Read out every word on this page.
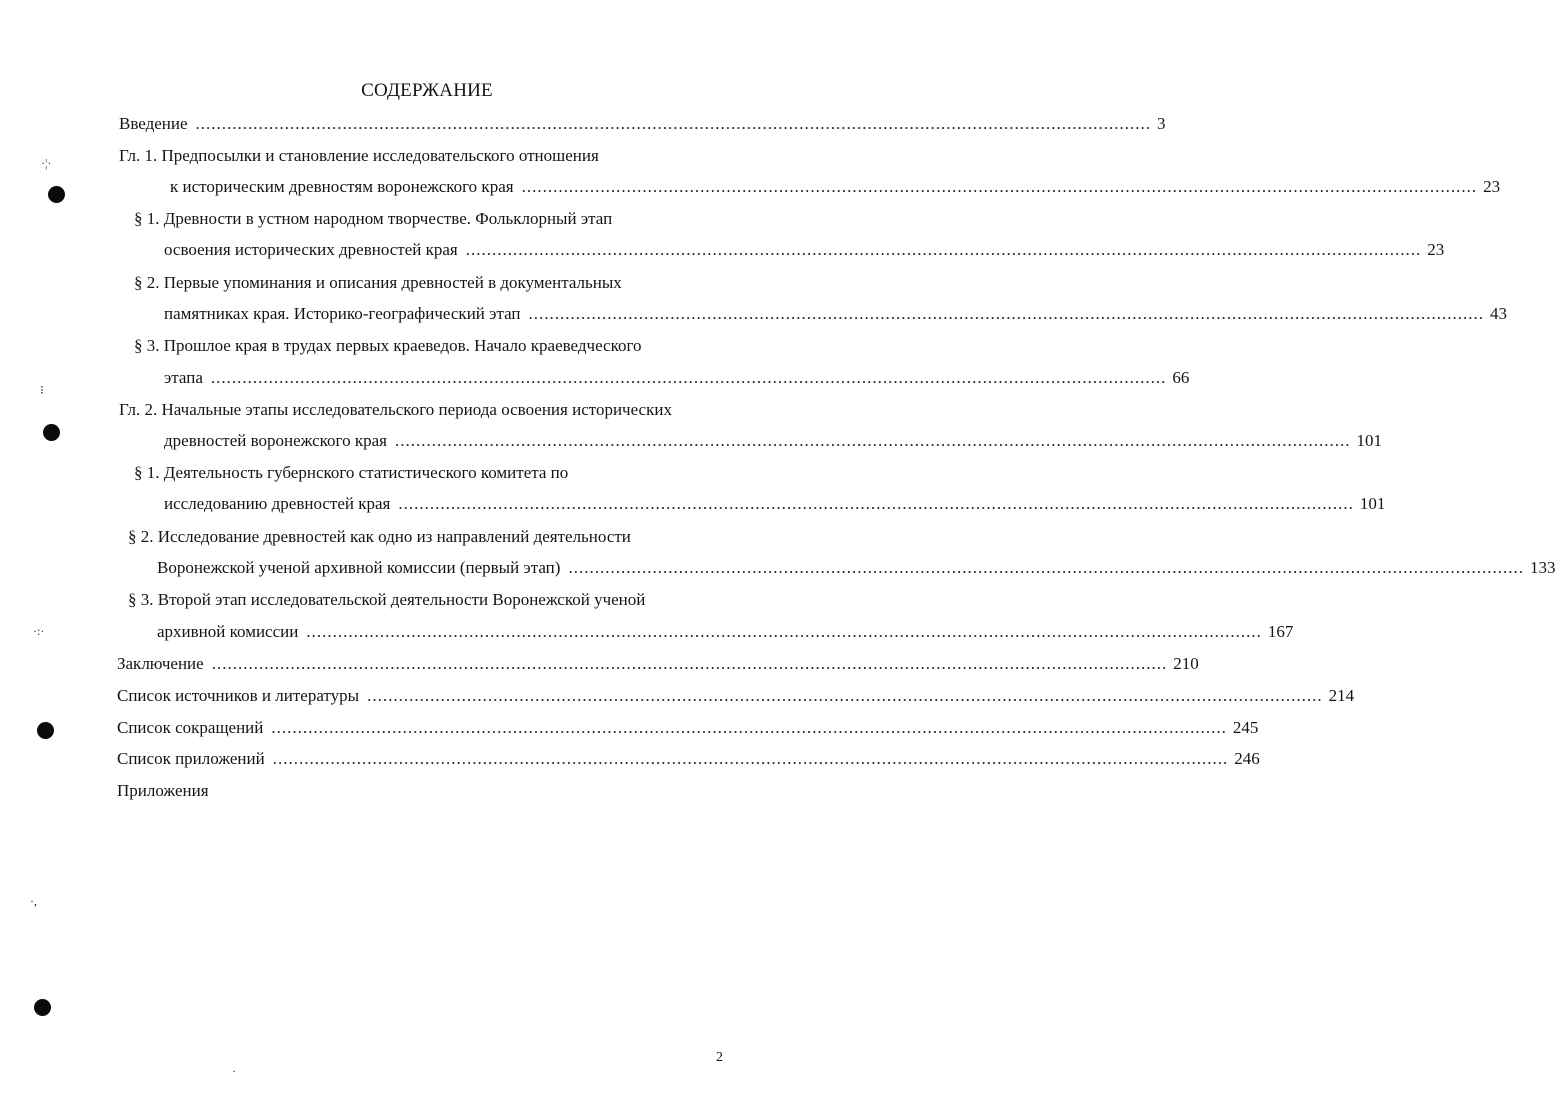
СОДЕРЖАНИЕ
Введение ...................................................................................................................................................................................... 3
Гл. 1. Предпосылки и становление исследовательского отношения
к историческим древностям воронежского края ...................................................................................................................................................................................... 23
§ 1. Древности в устном народном творчестве. Фольклорный этап
освоения исторических древностей края ...................................................................................................................................................................................... 23
§ 2. Первые упоминания и описания древностей в документальных
памятниках края. Историко-географический этап ...................................................................................................................................................................................... 43
§ 3. Прошлое края в трудах первых краеведов. Начало краеведческого
этапа ...................................................................................................................................................................................... 66
Гл. 2. Начальные этапы исследовательского периода освоения исторических
древностей воронежского края ...................................................................................................................................................................................... 101
§ 1. Деятельность губернского статистического комитета по
исследованию древностей края ...................................................................................................................................................................................... 101
§ 2. Исследование древностей как одно из направлений деятельности
Воронежской ученой архивной комиссии (первый этап) ...................................................................................................................................................................................... 133
§ 3. Второй этап исследовательской деятельности Воронежской ученой
архивной комиссии ...................................................................................................................................................................................... 167
Заключение ...................................................................................................................................................................................... 210
Список источников и литературы ...................................................................................................................................................................................... 214
Список сокращений ...................................................................................................................................................................................... 245
Список приложений ...................................................................................................................................................................................... 246
Приложения
·¦·
⁝
·:·
·,
·
2
